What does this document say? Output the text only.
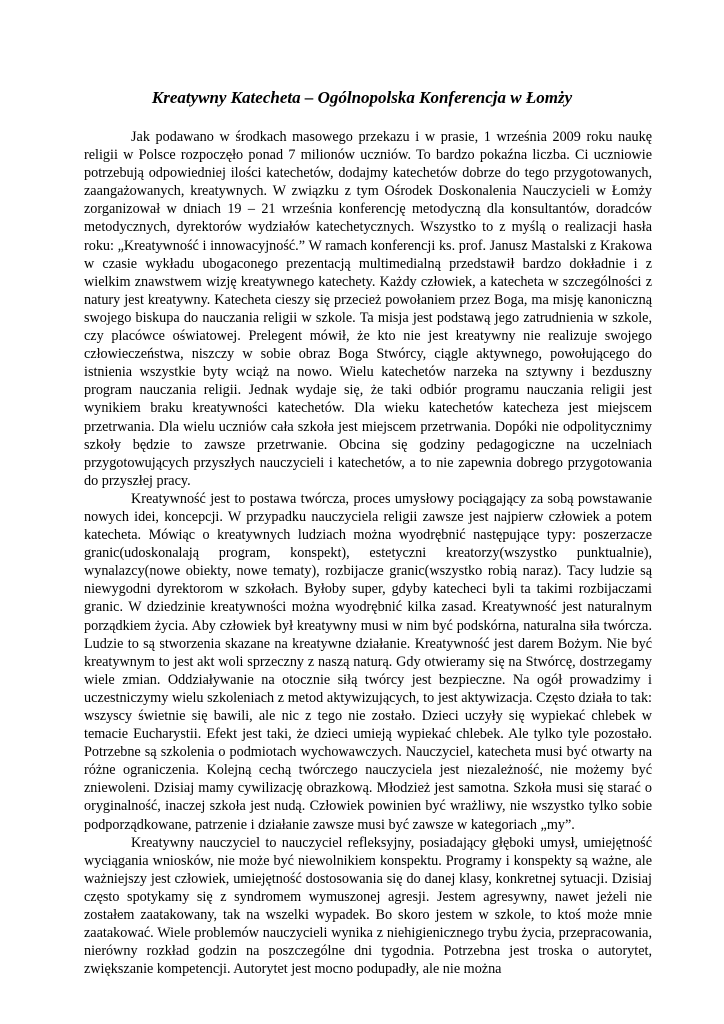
Kreatywny Katecheta – Ogólnopolska Konferencja w Łomży

Jak podawano w środkach masowego przekazu i w prasie, 1 września 2009 roku naukę religii w Polsce rozpoczęło ponad 7 milionów uczniów. To bardzo pokaźna liczba. Ci uczniowie potrzebują odpowiedniej ilości katechetów, dodajmy katechetów dobrze do tego przygotowanych, zaangażowanych, kreatywnych. W związku z tym Ośrodek Doskonalenia Nauczycieli w Łomży zorganizował w dniach 19 – 21 września konferencję metodyczną dla konsultantów, doradców metodycznych, dyrektorów wydziałów katechetycznych. Wszystko to z myślą o realizacji hasła roku: „Kreatywność i innowacyjność.” W ramach konferencji ks. prof. Janusz Mastalski z Krakowa w czasie wykładu ubogaconego prezentacją multimedialną przedstawił bardzo dokładnie i z wielkim znawstwem wizję kreatywnego katechety. Każdy człowiek, a katecheta w szczególności z natury jest kreatywny. Katecheta cieszy się przecież powołaniem przez Boga, ma misję kanoniczną swojego biskupa do nauczania religii w szkole. Ta misja jest podstawą jego zatrudnienia w szkole, czy placówce oświatowej. Prelegent mówił, że kto nie jest kreatywny nie realizuje swojego człowieczeństwa, niszczy w sobie obraz Boga Stwórcy, ciągle aktywnego, powołującego do istnienia wszystkie byty wciąż na nowo. Wielu katechetów narzeka na sztywny i bezduszny program nauczania religii. Jednak wydaje się, że taki odbiór programu nauczania religii jest wynikiem braku kreatywności katechetów. Dla wieku katechetów katecheza jest miejscem przetrwania. Dla wielu uczniów cała szkoła jest miejscem przetrwania. Dopóki nie odpolitycznimy szkoły będzie to zawsze przetrwanie. Obcina się godziny pedagogiczne na uczelniach przygotowujących przyszłych nauczycieli i katechetów, a to nie zapewnia dobrego przygotowania do przyszłej pracy.

Kreatywność jest to postawa twórcza, proces umysłowy pociągający za sobą powstawanie nowych idei, koncepcji. W przypadku nauczyciela religii zawsze jest najpierw człowiek a potem katecheta. Mówiąc o kreatywnych ludziach można wyodrębnić następujące typy: poszerzacze granic(udoskonalają program, konspekt), estetyczni kreatorzy(wszystko punktualnie), wynalazcy(nowe obiekty, nowe tematy), rozbijacze granic(wszystko robią naraz). Tacy ludzie są niewygodni dyrektorom w szkołach. Byłoby super, gdyby katecheci byli ta takimi rozbijaczami granic. W dziedzinie kreatywności można wyodrębnić kilka zasad. Kreatywność jest naturalnym porządkiem życia. Aby człowiek był kreatywny musi w nim być podskórna, naturalna siła twórcza. Ludzie to są stworzenia skazane na kreatywne działanie. Kreatywność jest darem Bożym. Nie być kreatywnym to jest akt woli sprzeczny z naszą naturą. Gdy otwieramy się na Stwórcę, dostrzegamy wiele zmian. Oddziaływanie na otocznie siłą twórcy jest bezpieczne. Na ogół prowadzimy i uczestniczymy wielu szkoleniach z metod aktywizujących, to jest aktywizacja. Często działa to tak: wszyscy świetnie się bawili, ale nic z tego nie zostało. Dzieci uczyły się wypiekać chlebek w temacie Eucharystii. Efekt jest taki, że dzieci umieją wypiekać chlebek. Ale tylko tyle pozostało. Potrzebne są szkolenia o podmiotach wychowawczych. Nauczyciel, katecheta musi być otwarty na różne ograniczenia. Kolejną cechą twórczego nauczyciela jest niezależność, nie możemy być zniewoleni. Dzisiaj mamy cywilizację obrazkową. Młodzież jest samotna. Szkoła musi się starać o oryginalność, inaczej szkoła jest nudą. Człowiek powinien być wrażliwy, nie wszystko tylko sobie podporządkowane, patrzenie i działanie zawsze musi być zawsze w kategoriach „my”.

Kreatywny nauczyciel to nauczyciel refleksyjny, posiadający głęboki umysł, umiejętność wyciągania wniosków, nie może być niewolnikiem konspektu. Programy i konspekty są ważne, ale ważniejszy jest człowiek, umiejętność dostosowania się do danej klasy, konkretnej sytuacji. Dzisiaj często spotykamy się z syndromem wymuszonej agresji. Jestem agresywny, nawet jeżeli nie zostałem zaatakowany, tak na wszelki wypadek. Bo skoro jestem w szkole, to ktoś może mnie zaatakować. Wiele problemów nauczycieli wynika z niehigienicznego trybu życia, przepracowania, nierówny rozkład godzin na poszczególne dni tygodnia. Potrzebna jest troska o autorytet, zwiększanie kompetencji. Autorytet jest mocno podupadły, ale nie można
